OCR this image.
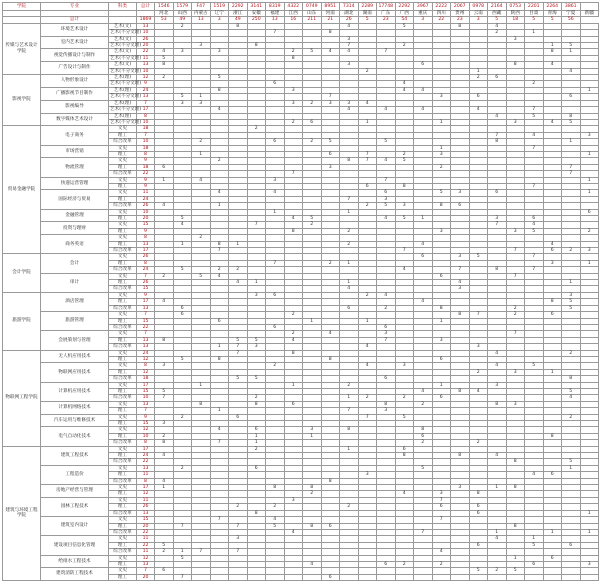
学院	专业	科类	总计	1546	1579	F47	1519	2292	3141	8319	4322	0749	8951	7314	2289	17748	2292	3967	2222	2067	0978	2164	0753	2201	2264	3861	
				河北	山西	内蒙古	辽宁	浙江	安徽	福建	江西	山东	河南	湖北	湖南	广东	广西	重庆	四川	贵州	云南	西藏	陕西	甘肃	青海	宁夏	新疆
	总计		1869	53	49	13	3	49	250	13	16	211	21	26	5	23	54	3	22	23	3	5	18	5	5	56	
传媒与艺术设计学院	环境艺术设计	艺术(文)	13		2			8						4			5			8		4					
		艺术(不分文理)	10							7			8									2		1			
	室内艺术设计	艺术(文)	26											3									3				
		艺术(不分文理)	20			3			8					7			2								1	5	
	视觉传播设计与制作	艺术(文)	22	4	3		3				2	5	4	4		7									8	1	
		艺术(不分文理)	11	5							8																
	广告设计与制作	艺术(文)	13	8										3				6					8		4		
		艺术(不分文理)	10												2						1					4	
影视学院	人物形象设计	艺术(理)	12	2			5														2	6					
		艺术(不分文理)	9							6							4							2			
	广播影视节目制作	艺术(理)	24				8				3						4	4									1
		艺术(不分文理)	13		5	1							7						3		6					6	
	影视编导	艺术(理)	7		3	3					3	2	3	3	4												
		艺术(不分文理)	17				4							4		4		4			4			7			
	数字媒体艺术设计	艺术(理)	8																			4		5		8	
		艺术(不分文理)	10								2	6			1				1				3		4	5	
贸易金融学院	电子商务	文史	18						2																		
		理工	7																			7		4			3
		综合改革	10			2				6		2	5			5						8				1	
	市场营销	文史	18																1					7			
		理工	8			1							6		7		2		3								1
	物流管理	文史	9				2							8	7	4	5										
		理工	18	6									3						2							7	
		综合改革	22								7															7	
	快递运营管理	文史	9	1		4				3						7											1
		理工	9												6		8							7			
	国际经济与贸易	文史	11				4			4						6			5	3		6					1
		理工	24											7		3											
		综合改革	26	4			1								2	5	3		8	6							
	金融管理	文史	10							1				1													6
		理工	20		5						4	5				4	5	1				3		6			
	投资与理财	文史	15		4				7			2										7		4			
		理工	9								8			2					3				3	5			2
	商务英语	文史	8			2																					
		理工	13		1		8	1						2				4							4		
		综合改革	17				7										7						7		6	2	3
会计学院	会计	文史	26															6		3	5			7			
		理工	8							7			2	1											3		1
		综合改革	24		5		2	2									4			7		8		7			
	审计	文史	7	2		5	4												6				7				
		理工	26					4	1					1						4						1	
		综合改革	15											4						3							
旅游学院	酒店管理	文史	9						3	6					2	4										3	
		理工	17	4														4							8	5	
		综合改革	13		6									6		2			8				2			5	
	旅游管理	文史	7		6						2									8	7		2		6		
		理工	15				6					1			1				1								
		综合改革	22							6						6											
	会展策划与管理	文史	7								2		4			3							7				
		理工	13	8				5	5		4					7			3								
		综合改革	13				1	7	3						4						3						
物联网工程学院	无人机应用技术	文史	24					7			8											4				2	
		理工	12		5		8						8						6								
	物联网应用技术	文史	8	3						2					4		3					4		5			
		理工	12																		2		3		1		
		综合改革	18					5	5							6										8	
	计算机应用技术	文史	17			1					1			2					1			3					
		理工	15	5														4		8	4					5	
		综合改革	10	7					2					1	2		2		6							4	
	计算机网络技术	文史	13			8			8		6					8		2				8	3				
		理工	7				1							7		3											
	汽车运用与维修技术	文史	9		2			6							7		5									2	
		理工	15	3																							
	电气自动化技术	文史	12				4		6			3		8				8									
		理工	10	2					1			1						6							8		
		综合改革	8	8			7		1									2			2						
建筑与环境工程学院	建筑工程技术	文史	17						2					1			6										
		理工	24	4													8			8		4					
		综合改革	22																				8			5	
	工程造价	文史	13		2				6									5								1	
		理工	11												3									4	6		
		综合改革	8	4									8														
	房地产经营与管理	文史	17	1						8		8								3		1	8				
		理工	12									2					4		3		8						
	园林工程技术	文史	11								3								7								
		理工	26					2		2				2					6		6						
		综合改革	13						8												6						1
	建筑室内设计	文史	15				7			4									7								
		理工	20		7			7		5		8	6										8				
		综合改革	22								4							7				1			1		1
	建设项目信息化管理	文史	11					3														4		1			
		理工	22	5																	6			5		6	
		综合改革	11	2	1	7		7											4								
	给排水工程技术	文史	12		5																		1		6		
		理工	13									4				6	2		2					6			3
	建筑消防工程技术	文史	7	6																	5	2	5				
		理工	20		7								6														
